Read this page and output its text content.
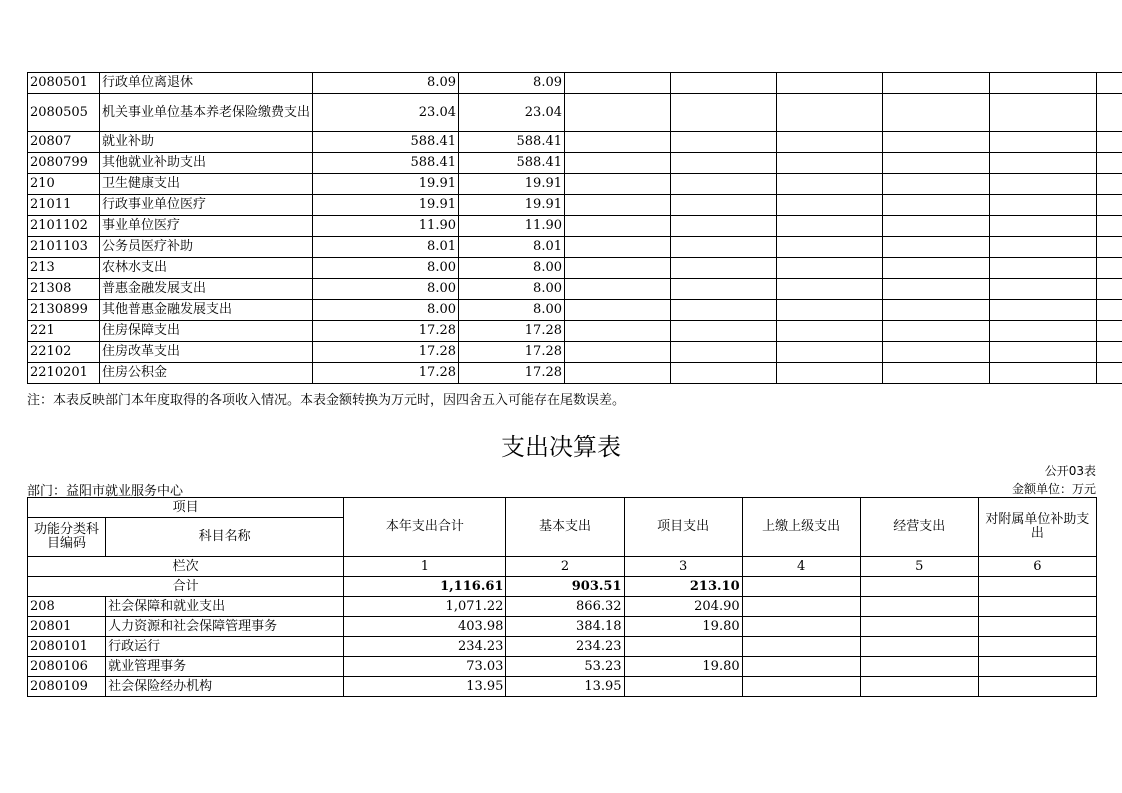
2080501	行政单位离退休	8.09	8.09						
2080505	机关事业单位基本养老保险缴费支出	23.04	23.04						
20807	就业补助	588.41	588.41						
2080799	其他就业补助支出	588.41	588.41						
210	卫生健康支出	19.91	19.91						
21011	行政事业单位医疗	19.91	19.91						
2101102	事业单位医疗	11.90	11.90						
2101103	公务员医疗补助	8.01	8.01						
213	农林水支出	8.00	8.00						
21308	普惠金融发展支出	8.00	8.00						
2130899	其他普惠金融发展支出	8.00	8.00						
221	住房保障支出	17.28	17.28						
22102	住房改革支出	17.28	17.28						
2210201	住房公积金	17.28	17.28						
注：本表反映部门本年度取得的各项收入情况。本表金额转换为万元时，因四舍五入可能存在尾数误差。
支出决算表
公开03表
部门：益阳市就业服务中心	金额单位：万元
项目		本年支出合计	基本支出	项目支出	上缴上级支出	经营支出	对附属单位补助支出
功能分类科目编码	科目名称						
栏次		1	2	3	4	5	6
合计		1,116.61	903.51	213.10			
208	社会保障和就业支出	1,071.22	866.32	204.90			
20801	人力资源和社会保障管理事务	403.98	384.18	19.80			
2080101	行政运行	234.23	234.23				
2080106	就业管理事务	73.03	53.23	19.80			
2080109	社会保险经办机构	13.95	13.95				
